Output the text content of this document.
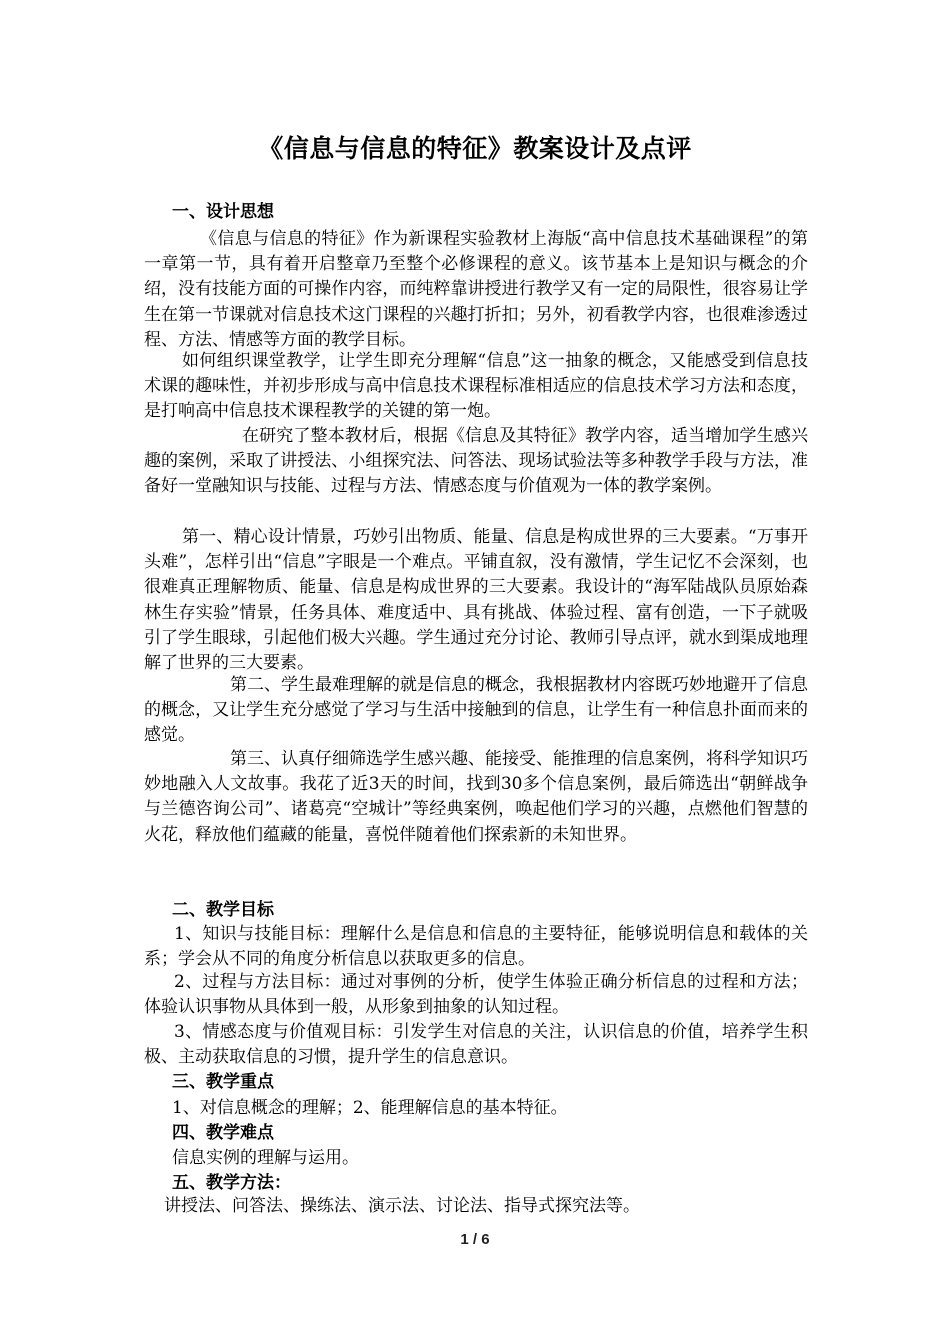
《信息与信息的特征》教案设计及点评
一、设计思想
《信息与信息的特征》作为新课程实验教材上海版“高中信息技术基础课程”的第一章第一节，具有着开启整章乃至整个必修课程的意义。该节基本上是知识与概念的介绍，没有技能方面的可操作内容，而纯粹靠讲授进行教学又有一定的局限性，很容易让学生在第一节课就对信息技术这门课程的兴趣打折扣；另外，初看教学内容，也很难渗透过程、方法、情感等方面的教学目标。
如何组织课堂教学，让学生即充分理解“信息”这一抽象的概念，又能感受到信息技术课的趣味性，并初步形成与高中信息技术课程标准相适应的信息技术学习方法和态度，是打响高中信息技术课程教学的关键的第一炮。
在研究了整本教材后，根据《信息及其特征》教学内容，适当增加学生感兴趣的案例，采取了讲授法、小组探究法、问答法、现场试验法等多种教学手段与方法，准备好一堂融知识与技能、过程与方法、情感态度与价值观为一体的教学案例。
第一、精心设计情景，巧妙引出物质、能量、信息是构成世界的三大要素。“万事开头难”，怎样引出“信息”字眼是一个难点。平铺直叙，没有激情，学生记忆不会深刻，也很难真正理解物质、能量、信息是构成世界的三大要素。我设计的“海军陆战队员原始森林生存实验”情景，任务具体、难度适中、具有挑战、体验过程、富有创造，一下子就吸引了学生眼球，引起他们极大兴趣。学生通过充分讨论、教师引导点评，就水到渠成地理解了世界的三大要素。
第二、学生最难理解的就是信息的概念，我根据教材内容既巧妙地避开了信息的概念，又让学生充分感觉了学习与生活中接触到的信息，让学生有一种信息扑面而来的感觉。
第三、认真仔细筛选学生感兴趣、能接受、能推理的信息案例，将科学知识巧妙地融入人文故事。我花了近3天的时间，找到30多个信息案例，最后筛选出“朝鲜战争与兰德咨询公司”、诸葛亮“空城计”等经典案例，唤起他们学习的兴趣，点燃他们智慧的火花，释放他们蕴藏的能量，喜悦伴随着他们探索新的未知世界。
二、教学目标
1、知识与技能目标：理解什么是信息和信息的主要特征，能够说明信息和载体的关系；学会从不同的角度分析信息以获取更多的信息。
2、过程与方法目标：通过对事例的分析，使学生体验正确分析信息的过程和方法；体验认识事物从具体到一般，从形象到抽象的认知过程。
3、情感态度与价值观目标：引发学生对信息的关注，认识信息的价值，培养学生积极、主动获取信息的习惯，提升学生的信息意识。
三、教学重点
1、对信息概念的理解；2、能理解信息的基本特征。
四、教学难点
信息实例的理解与运用。
五、教学方法：
讲授法、问答法、操练法、演示法、讨论法、指导式探究法等。
1 / 6
